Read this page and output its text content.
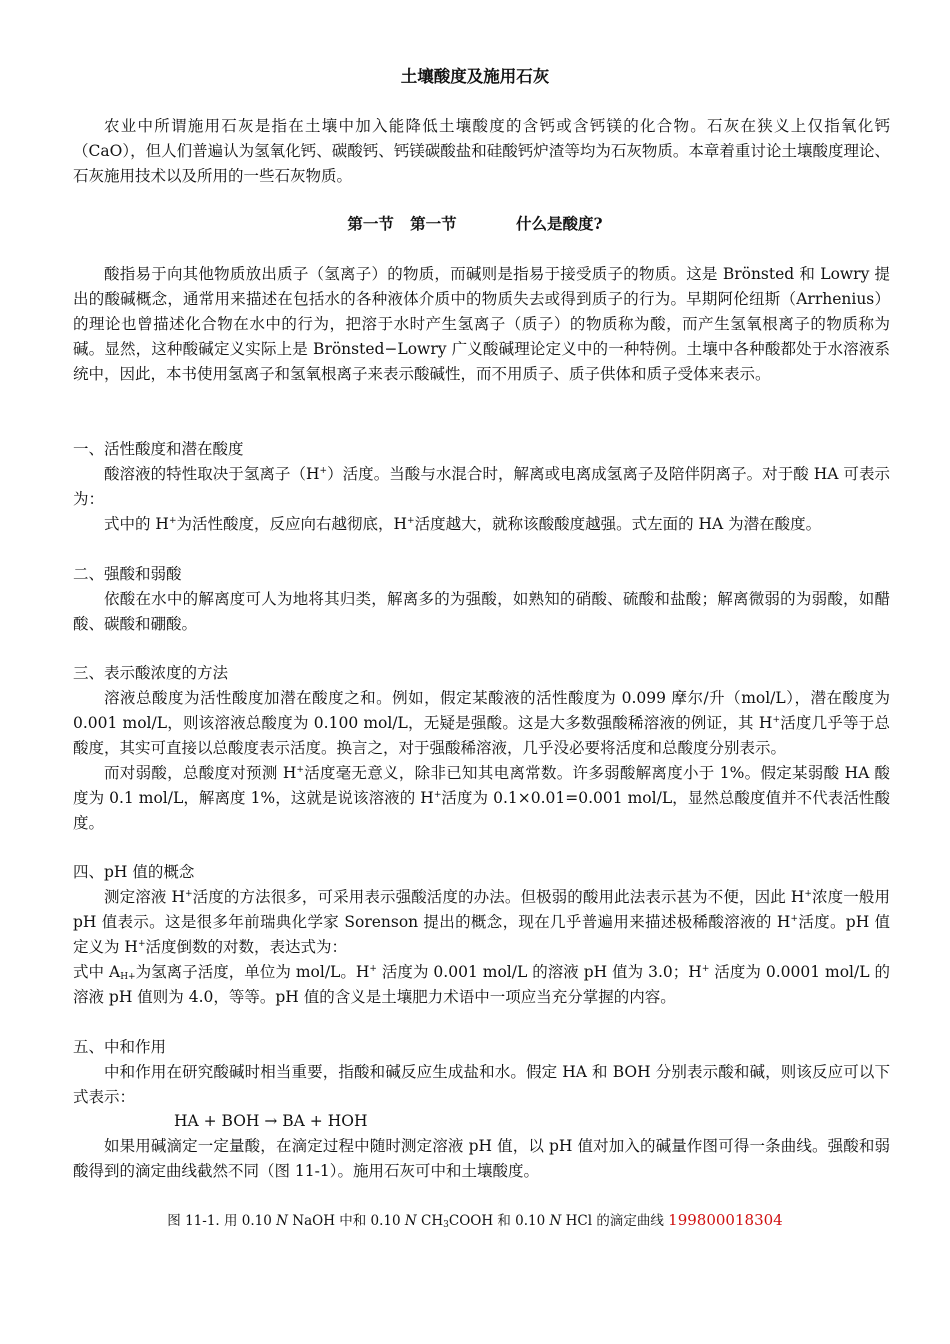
土壤酸度及施用石灰
农业中所谓施用石灰是指在土壤中加入能降低土壤酸度的含钙或含钙镁的化合物。石灰在狭义上仅指氧化钙（CaO），但人们普遍认为氢氧化钙、碳酸钙、钙镁碳酸盐和硅酸钙炉渣等均为石灰物质。本章着重讨论土壤酸度理论、石灰施用技术以及所用的一些石灰物质。
第一节 第一节	什么是酸度?
酸指易于向其他物质放出质子（氢离子）的物质，而碱则是指易于接受质子的物质。这是 Brönsted 和 Lowry 提出的酸碱概念，通常用来描述在包括水的各种液体介质中的物质失去或得到质子的行为。早期阿伦纽斯（Arrhenius）的理论也曾描述化合物在水中的行为，把溶于水时产生氢离子（质子）的物质称为酸，而产生氢氧根离子的物质称为碱。显然，这种酸碱定义实际上是 Brönsted−Lowry 广义酸碱理论定义中的一种特例。土壤中各种酸都处于水溶液系统中，因此，本书使用氢离子和氢氧根离子来表示酸碱性，而不用质子、质子供体和质子受体来表示。
一、活性酸度和潜在酸度
酸溶液的特性取决于氢离子（H+）活度。当酸与水混合时，解离或电离成氢离子及陪伴阴离子。对于酸 HA 可表示为：
式中的 H+为活性酸度，反应向右越彻底，H+活度越大，就称该酸酸度越强。式左面的 HA 为潜在酸度。
二、强酸和弱酸
依酸在水中的解离度可人为地将其归类，解离多的为强酸，如熟知的硝酸、硫酸和盐酸；解离微弱的为弱酸，如醋酸、碳酸和硼酸。
三、表示酸浓度的方法
溶液总酸度为活性酸度加潜在酸度之和。例如，假定某酸液的活性酸度为 0.099 摩尔/升（mol/L），潜在酸度为 0.001 mol/L，则该溶液总酸度为 0.100 mol/L，无疑是强酸。这是大多数强酸稀溶液的例证，其 H+活度几乎等于总酸度，其实可直接以总酸度表示活度。换言之，对于强酸稀溶液，几乎没必要将活度和总酸度分别表示。
而对弱酸，总酸度对预测 H+活度毫无意义，除非已知其电离常数。许多弱酸解离度小于 1%。假定某弱酸 HA 酸度为 0.1 mol/L，解离度 1%，这就是说该溶液的 H+活度为 0.1×0.01=0.001 mol/L，显然总酸度值并不代表活性酸度。
四、pH 值的概念
测定溶液 H+活度的方法很多，可采用表示强酸活度的办法。但极弱的酸用此法表示甚为不便，因此 H+浓度一般用 pH 值表示。这是很多年前瑞典化学家 Sorenson 提出的概念，现在几乎普遍用来描述极稀酸溶液的 H+活度。pH 值定义为 H+活度倒数的对数，表达式为：
式中 $A_{H+}$为氢离子活度，单位为 mol/L。H+ 活度为 0.001 mol/L 的溶液 pH 值为 3.0；H+ 活度为 0.0001 mol/L 的溶液 pH 值则为 4.0，等等。pH 值的含义是土壤肥力术语中一项应当充分掌握的内容。
五、中和作用
中和作用在研究酸碱时相当重要，指酸和碱反应生成盐和水。假定 HA 和 BOH 分别表示酸和碱，则该反应可以下式表示：
HA + BOH → BA + HOH
如果用碱滴定一定量酸，在滴定过程中随时测定溶液 pH 值，以 pH 值对加入的碱量作图可得一条曲线。强酸和弱酸得到的滴定曲线截然不同（图 11-1）。施用石灰可中和土壤酸度。
图 11-1. 用 0.10 N NaOH 中和 0.10 N $CH_3COOH$ 和 0.10 N HCl 的滴定曲线 199800018304
